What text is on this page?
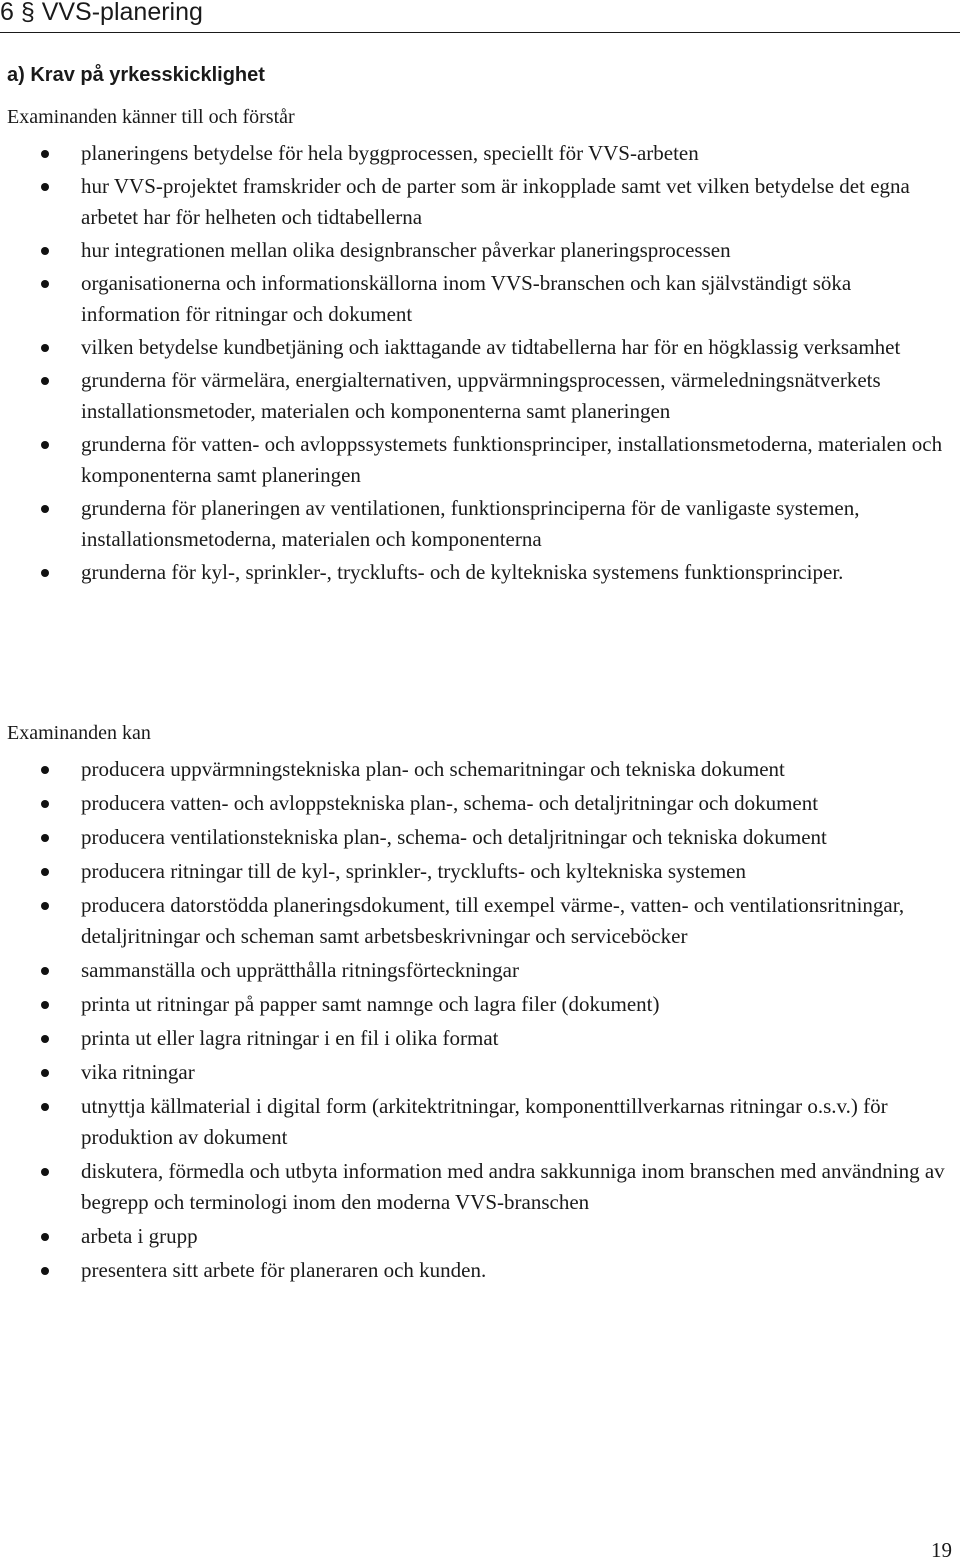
6 § VVS-planering
a) Krav på yrkesskicklighet

Examinanden känner till och förstår

planeringens betydelse för hela byggprocessen, speciellt för VVS-arbeten
hur VVS-projektet framskrider och de parter som är inkopplade samt vet vilken betydelse det egna arbetet har för helheten och tidtabellerna
hur integrationen mellan olika designbranscher påverkar planeringsprocessen
organisationerna och informationskällorna inom VVS-branschen och kan självständigt söka information för ritningar och dokument
vilken betydelse kundbetjäning och iakttagande av tidtabellerna har för en högklassig verksamhet
grunderna för värmelära, energialternativen, uppvärmningsprocessen, värmeledningsnätverkets installationsmetoder, materialen och komponenterna samt planeringen
grunderna för vatten- och avloppssystemets funktionsprinciper, installationsmetoderna, materialen och komponenterna samt planeringen
grunderna för planeringen av ventilationen, funktionsprinciperna för de vanligaste systemen, installationsmetoderna, materialen och komponenterna
grunderna för kyl-, sprinkler-, trycklufts- och de kyltekniska systemens funktionsprinciper.

Examinanden kan

producera uppvärmningstekniska plan- och schemaritningar och tekniska dokument
producera vatten- och avloppstekniska plan-, schema- och detaljritningar och dokument
producera ventilationstekniska plan-, schema- och detaljritningar och tekniska dokument
producera ritningar till de kyl-, sprinkler-, trycklufts- och kyltekniska systemen
producera datorstödda planeringsdokument, till exempel värme-, vatten- och ventilationsritningar, detaljritningar och scheman samt arbetsbeskrivningar och serviceböcker
sammanställa och upprätthålla ritningsförteckningar
printa ut ritningar på papper samt namnge och lagra filer (dokument)
printa ut eller lagra ritningar i en fil i olika format
vika ritningar
utnyttja källmaterial i digital form (arkitektritningar, komponenttillverkarnas ritningar o.s.v.) för produktion av dokument
diskutera, förmedla och utbyta information med andra sakkunniga inom branschen med användning av begrepp och terminologi inom den moderna VVS-branschen
arbeta i grupp
presentera sitt arbete för planeraren och kunden.
19
